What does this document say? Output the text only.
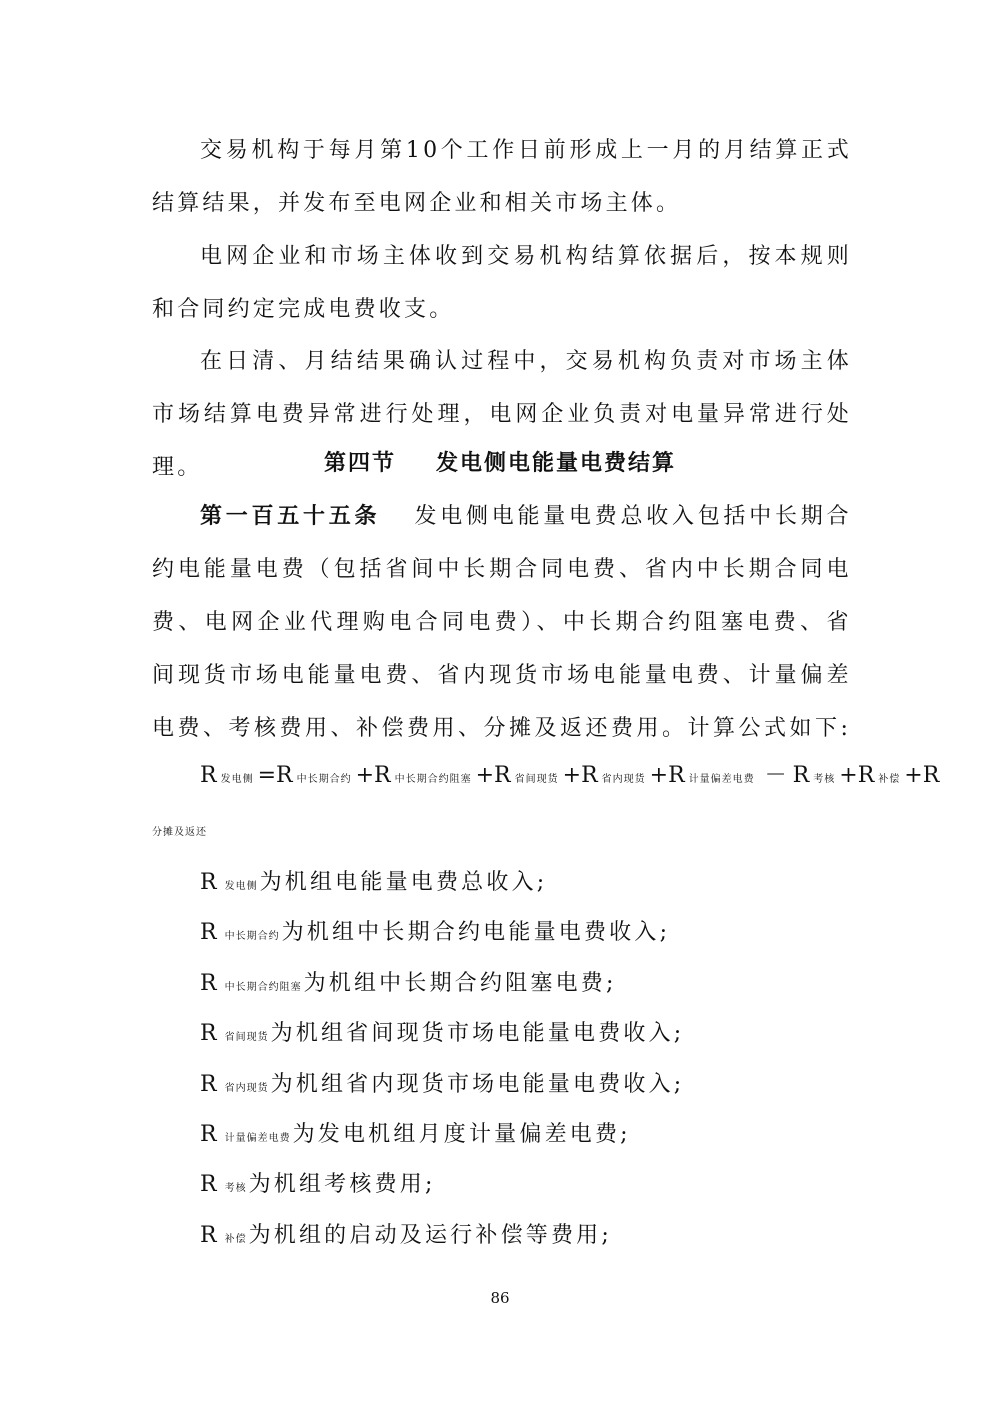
交易机构于每月第10个工作日前形成上一月的月结算正式结算结果，并发布至电网企业和相关市场主体。

电网企业和市场主体收到交易机构结算依据后，按本规则和合同约定完成电费收支。

在日清、月结结果确认过程中，交易机构负责对市场主体市场结算电费异常进行处理，电网企业负责对电量异常进行处理。	第四节 发电侧电能量电费结算

第一百五十五条 发电侧电能量电费总收入包括中长期合约电能量电费（包括省间中长期合同电费、省内中长期合同电费、电网企业代理购电合同电费）、中长期合约阻塞电费、省间现货市场电能量电费、省内现货市场电能量电费、计量偏差电费、考核费用、补偿费用、分摊及返还费用。计算公式如下:

R发电侧 =R 中长期合约 +R 中长期合约阻塞 +R 省间现货 +R 省内现货 +R 计量偏差电费 － R 考核 +R 补偿 +R
分摊及返还
R发电侧为机组电能量电费总收入;
R中长期合约为机组中长期合约电能量电费收入;
R中长期合约阻塞为机组中长期合约阻塞电费;
R省间现货为机组省间现货市场电能量电费收入;
R省内现货为机组省内现货市场电能量电费收入;
R计量偏差电费为发电机组月度计量偏差电费;
R考核为机组考核费用;
R补偿为机组的启动及运行补偿等费用;
86
